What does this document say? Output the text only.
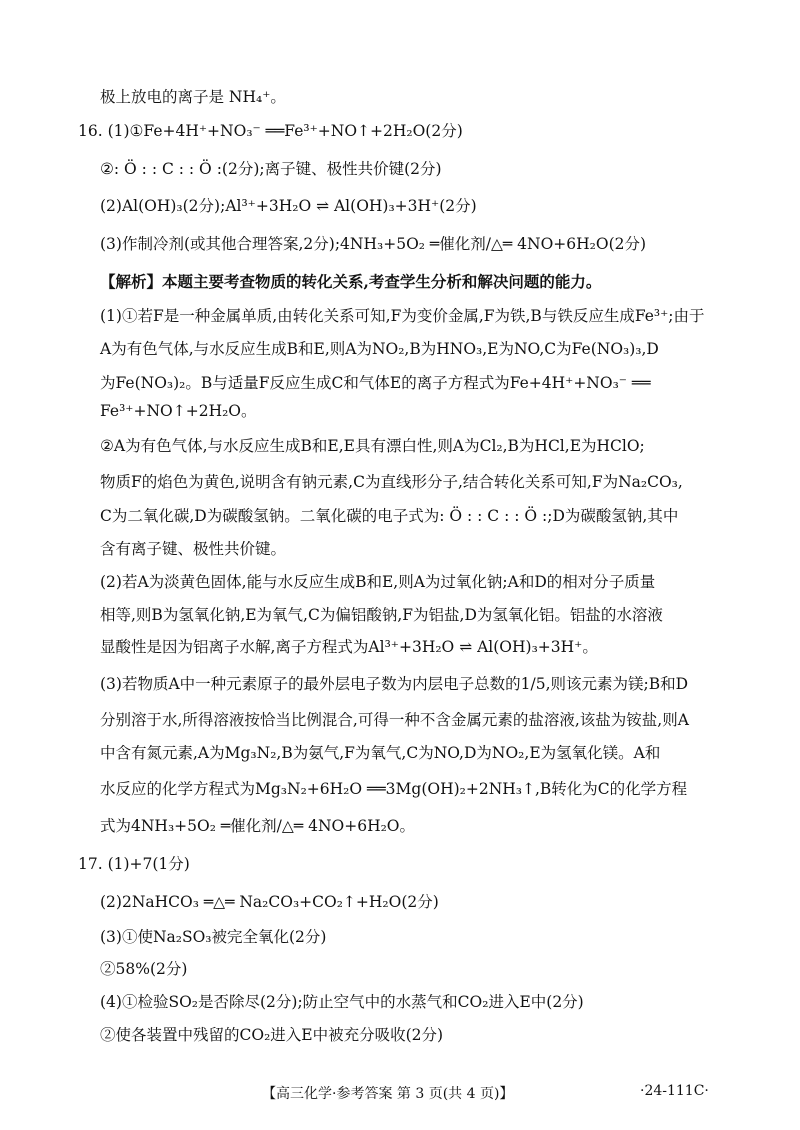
极上放电的离子是 NH₄⁺。
16. (1)①Fe+4H⁺+NO₃⁻ ══Fe³⁺+NO↑+2H₂O(2分)
②: Ö : : C : : Ö :(2分);离子键、极性共价键(2分)
(2)Al(OH)₃(2分);Al³⁺+3H₂O ⇌ Al(OH)₃+3H⁺(2分)
(3)作制冷剂(或其他合理答案,2分);4NH₃+5O₂ ═催化剂/△═ 4NO+6H₂O(2分)
【解析】本题主要考查物质的转化关系,考查学生分析和解决问题的能力。
(1)①若F是一种金属单质,由转化关系可知,F为变价金属,F为铁,B与铁反应生成Fe³⁺;由于
A为有色气体,与水反应生成B和E,则A为NO₂,B为HNO₃,E为NO,C为Fe(NO₃)₃,D
为Fe(NO₃)₂。B与适量F反应生成C和气体E的离子方程式为Fe+4H⁺+NO₃⁻ ══
Fe³⁺+NO↑+2H₂O。
②A为有色气体,与水反应生成B和E,E具有漂白性,则A为Cl₂,B为HCl,E为HClO;
物质F的焰色为黄色,说明含有钠元素,C为直线形分子,结合转化关系可知,F为Na₂CO₃,
C为二氧化碳,D为碳酸氢钠。二氧化碳的电子式为: Ö : : C : : Ö :;D为碳酸氢钠,其中
含有离子键、极性共价键。
(2)若A为淡黄色固体,能与水反应生成B和E,则A为过氧化钠;A和D的相对分子质量
相等,则B为氢氧化钠,E为氧气,C为偏铝酸钠,F为铝盐,D为氢氧化铝。铝盐的水溶液
显酸性是因为铝离子水解,离子方程式为Al³⁺+3H₂O ⇌ Al(OH)₃+3H⁺。
(3)若物质A中一种元素原子的最外层电子数为内层电子总数的1/5,则该元素为镁;B和D
分别溶于水,所得溶液按恰当比例混合,可得一种不含金属元素的盐溶液,该盐为铵盐,则A
中含有氮元素,A为Mg₃N₂,B为氨气,F为氧气,C为NO,D为NO₂,E为氢氧化镁。A和
水反应的化学方程式为Mg₃N₂+6H₂O ══3Mg(OH)₂+2NH₃↑,B转化为C的化学方程
式为4NH₃+5O₂ ═催化剂/△═ 4NO+6H₂O。
17. (1)+7(1分)
(2)2NaHCO₃ ═△═ Na₂CO₃+CO₂↑+H₂O(2分)
(3)①使Na₂SO₃被完全氧化(2分)
②58%(2分)
(4)①检验SO₂是否除尽(2分);防止空气中的水蒸气和CO₂进入E中(2分)
②使各装置中残留的CO₂进入E中被充分吸收(2分)
【高三化学·参考答案 第 3 页(共 4 页)】	·24-111C·
